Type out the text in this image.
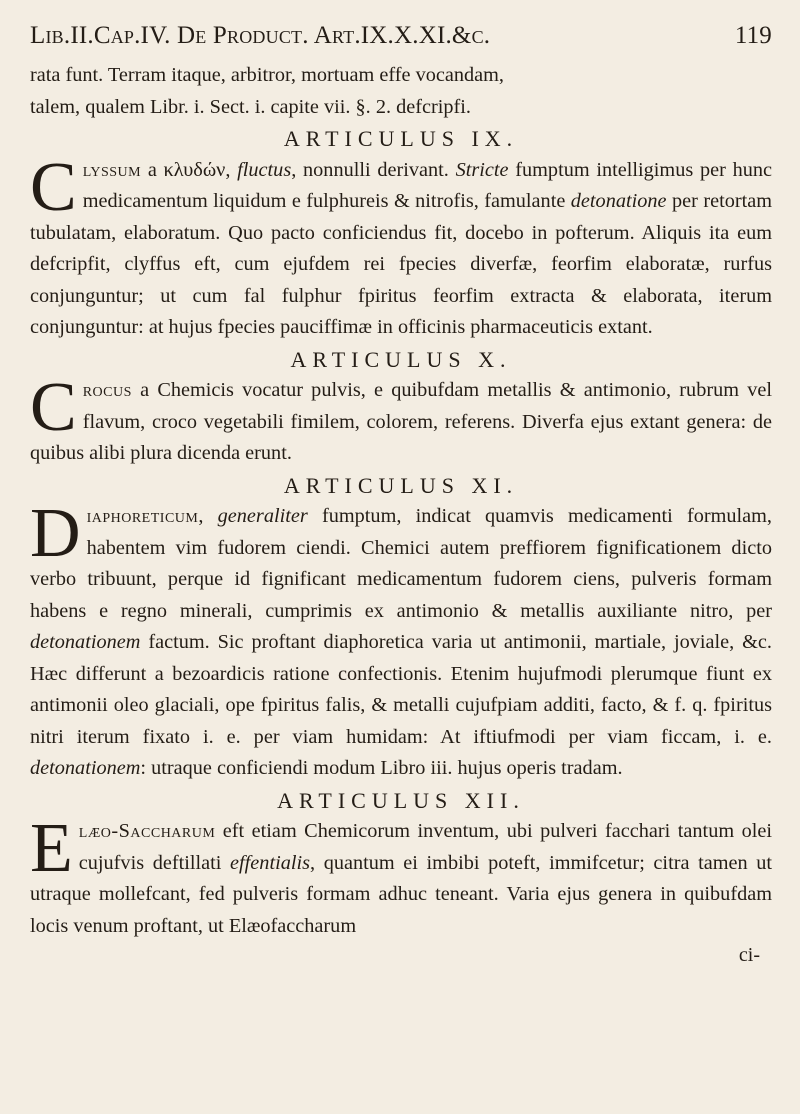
Lib.II.Cap.IV. De Product. Art.IX.X.XI.&c.	119

rata funt. Terram itaque, arbitror, mortuam effe vocandam,

talem, qualem Libr. i. Sect. i. capite vii. §. 2. defcripfi.

ARTICULUS IX.

Clyssum a κλυδών, fluctus, nonnulli derivant. Stricte fumptum intelligimus per hunc medicamentum liquidum e fulphureis & nitrofis, famulante detonatione per retortam tubulatam, elaboratum. Quo pacto conficiendus fit, docebo in pofterum. Aliquis ita eum defcripfit, clyffus eft, cum ejufdem rei fpecies diverfæ, feorfim elaboratæ, rurfus conjunguntur; ut cum fal fulphur fpiritus feorfim extracta & elaborata, iterum conjunguntur: at hujus fpecies pauciffimæ in officinis pharmaceuticis extant.

ARTICULUS X.

Crocus a Chemicis vocatur pulvis, e quibufdam metallis & antimonio, rubrum vel flavum, croco vegetabili fimilem, colorem, referens. Diverfa ejus extant genera: de quibus alibi plura dicenda erunt.

ARTICULUS XI.

Diaphoreticum, generaliter fumptum, indicat quamvis medicamenti formulam, habentem vim fudorem ciendi. Chemici autem preffiorem fignificationem dicto verbo tribuunt, perque id fignificant medicamentum fudorem ciens, pulveris formam habens e regno minerali, cumprimis ex antimonio & metallis auxiliante nitro, per detonationem factum. Sic proftant diaphoretica varia ut antimonii, martiale, joviale, &c. Hæc differunt a bezoardicis ratione confectionis. Etenim hujufmodi plerumque fiunt ex antimonii oleo glaciali, ope fpiritus falis, & metalli cujufpiam additi, facto, & f. q. fpiritus nitri iterum fixato i. e. per viam humidam: At iftiufmodi per viam ficcam, i. e. detonationem: utraque conficiendi modum Libro iii. hujus operis tradam.

ARTICULUS XII.

Elæo-Saccharum eft etiam Chemicorum inventum, ubi pulveri facchari tantum olei cujufvis deftillati effentialis, quantum ei imbibi poteft, immifcetur; citra tamen ut utraque mollefcant, fed pulveris formam adhuc teneant. Varia ejus genera in quibufdam locis venum proftant, ut Elæofaccharum

ci-
